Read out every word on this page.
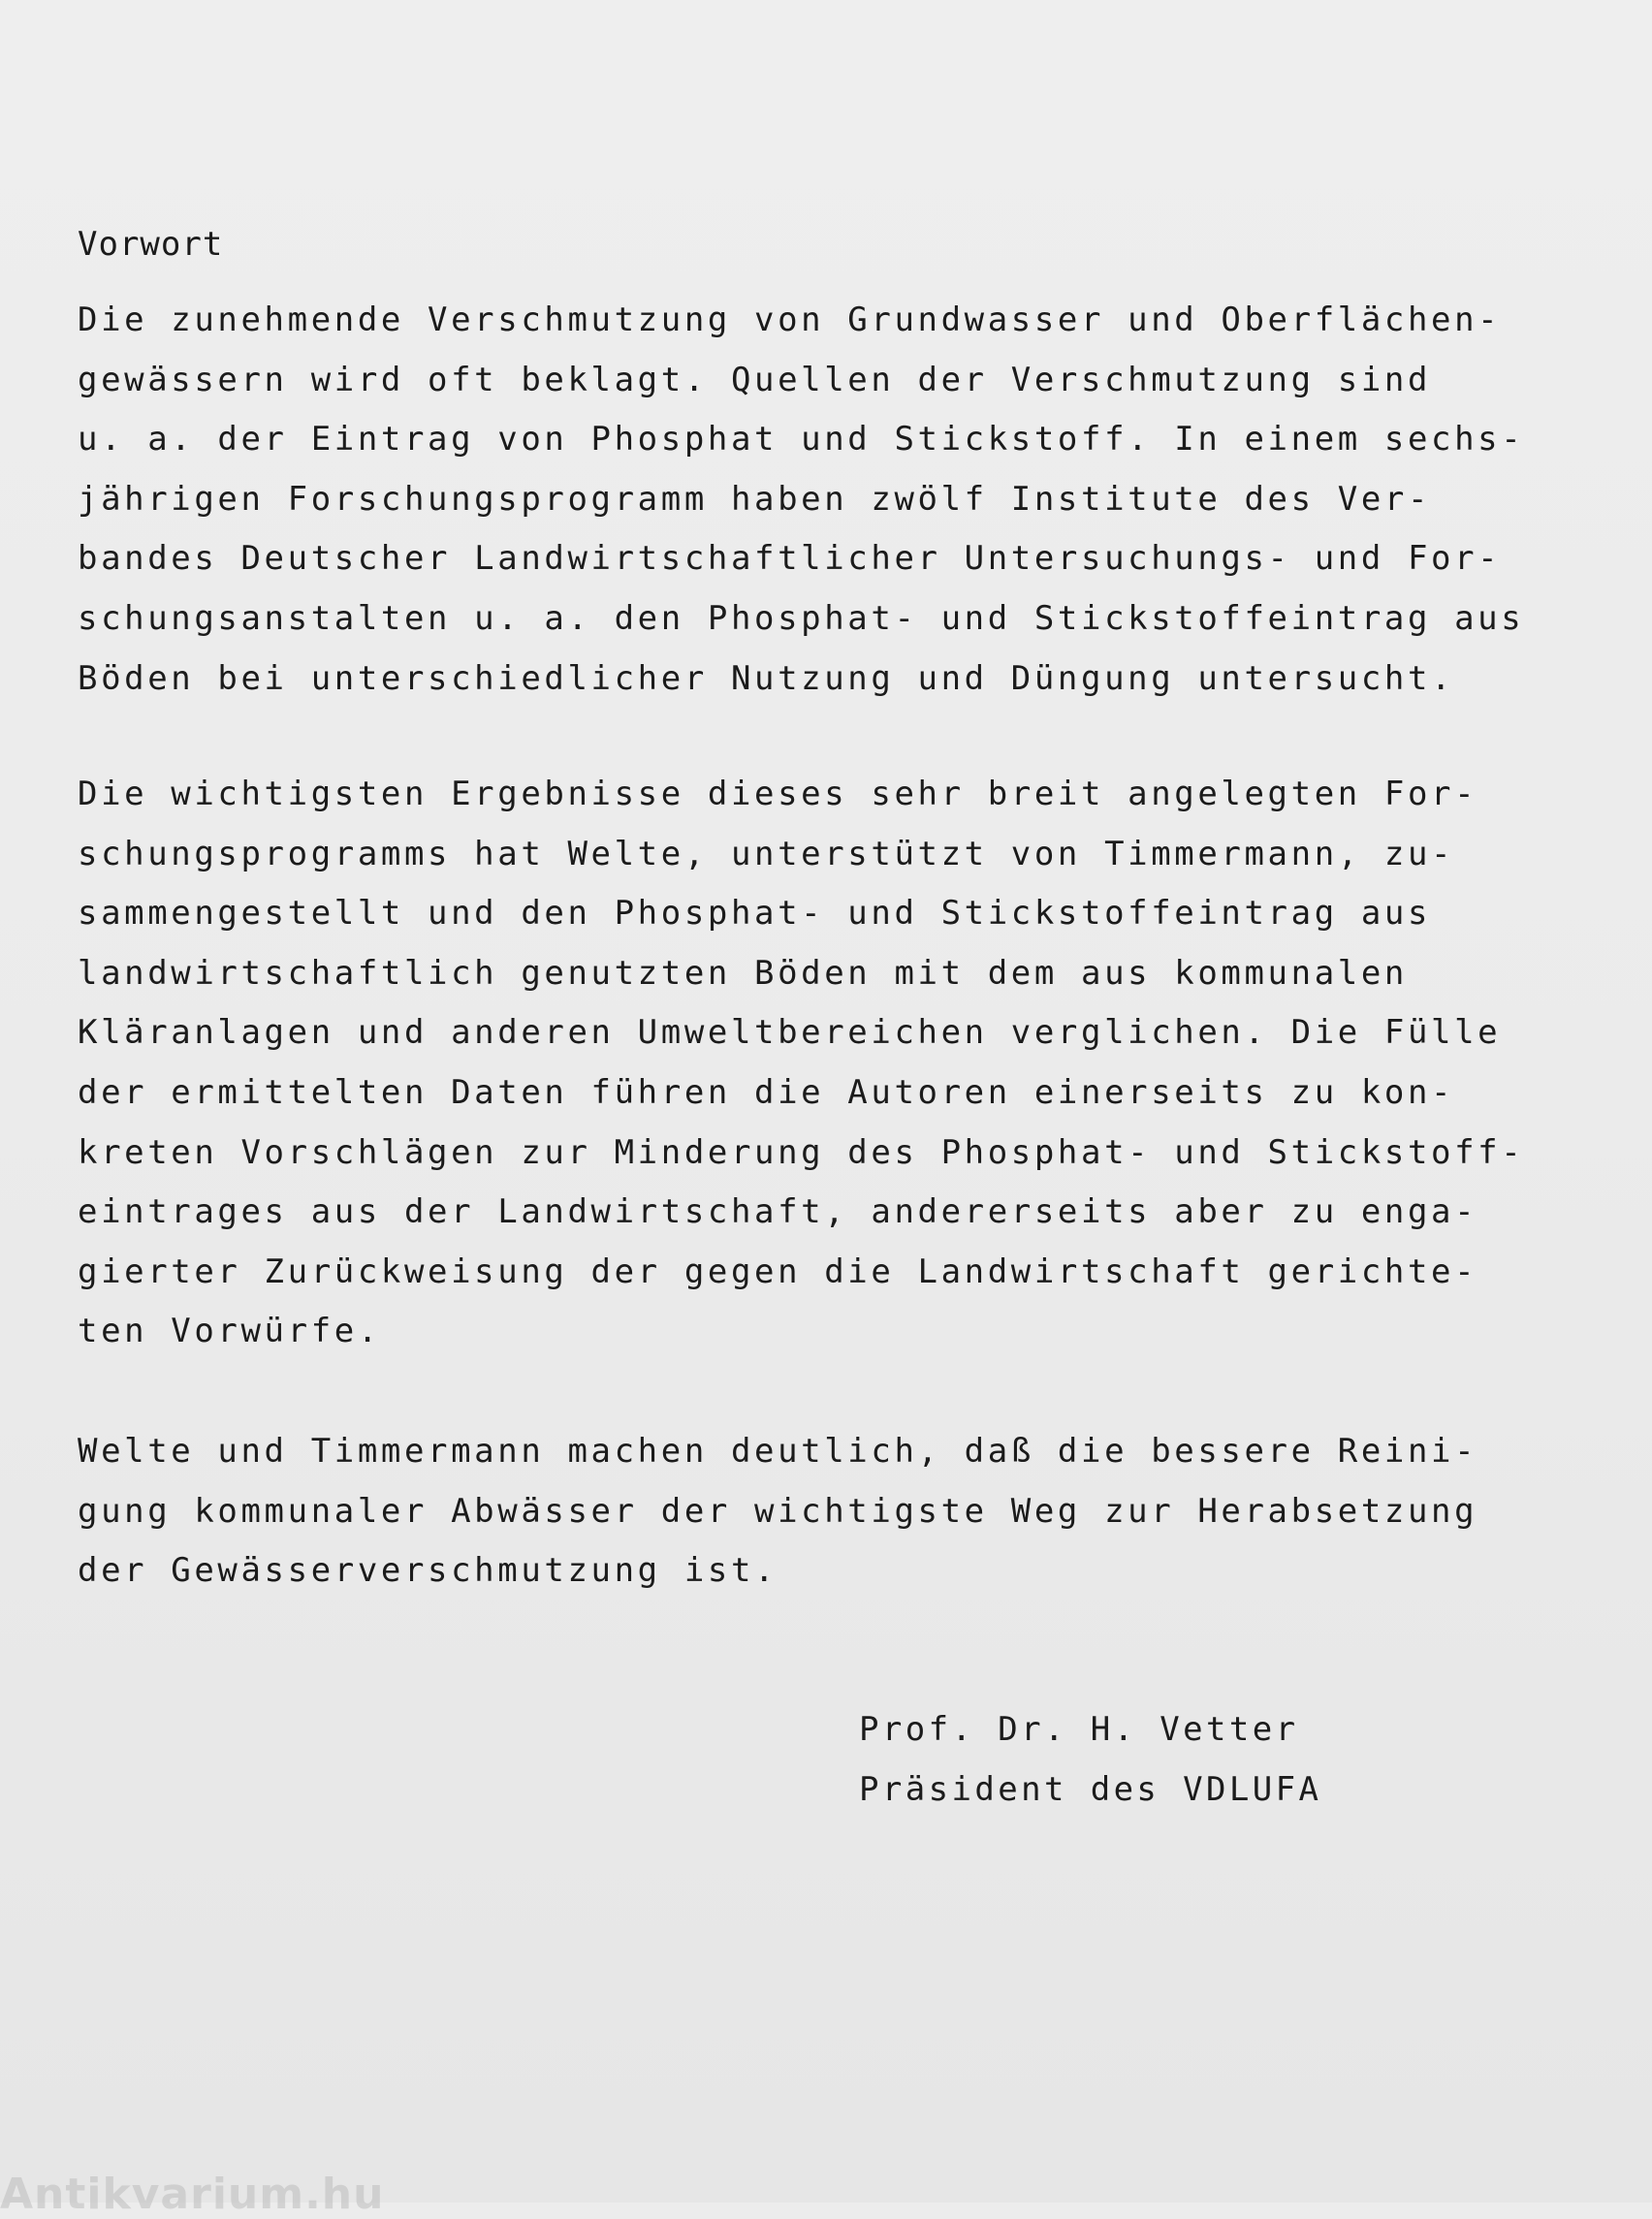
Vorwort
Die zunehmende Verschmutzung von Grundwasser und Oberflächen-
gewässern wird oft beklagt. Quellen der Verschmutzung sind
u. a. der Eintrag von Phosphat und Stickstoff. In einem sechs-
jährigen Forschungsprogramm haben zwölf Institute des Ver-
bandes Deutscher Landwirtschaftlicher Untersuchungs- und For-
schungsanstalten u. a. den Phosphat- und Stickstoffeintrag aus
Böden bei unterschiedlicher Nutzung und Düngung untersucht.
Die wichtigsten Ergebnisse dieses sehr breit angelegten For-
schungsprogramms hat Welte, unterstützt von Timmermann, zu-
sammengestellt und den Phosphat- und Stickstoffeintrag aus
landwirtschaftlich genutzten Böden mit dem aus kommunalen
Kläranlagen und anderen Umweltbereichen verglichen. Die Fülle
der ermittelten Daten führen die Autoren einerseits zu kon-
kreten Vorschlägen zur Minderung des Phosphat- und Stickstoff-
eintrages aus der Landwirtschaft, andererseits aber zu enga-
gierter Zurückweisung der gegen die Landwirtschaft gerichte-
ten Vorwürfe.
Welte und Timmermann machen deutlich, daß die bessere Reini-
gung kommunaler Abwässer der wichtigste Weg zur Herabsetzung
der Gewässerverschmutzung ist.
Prof. Dr. H. Vetter
Präsident des VDLUFA
Antikvarium.hu
